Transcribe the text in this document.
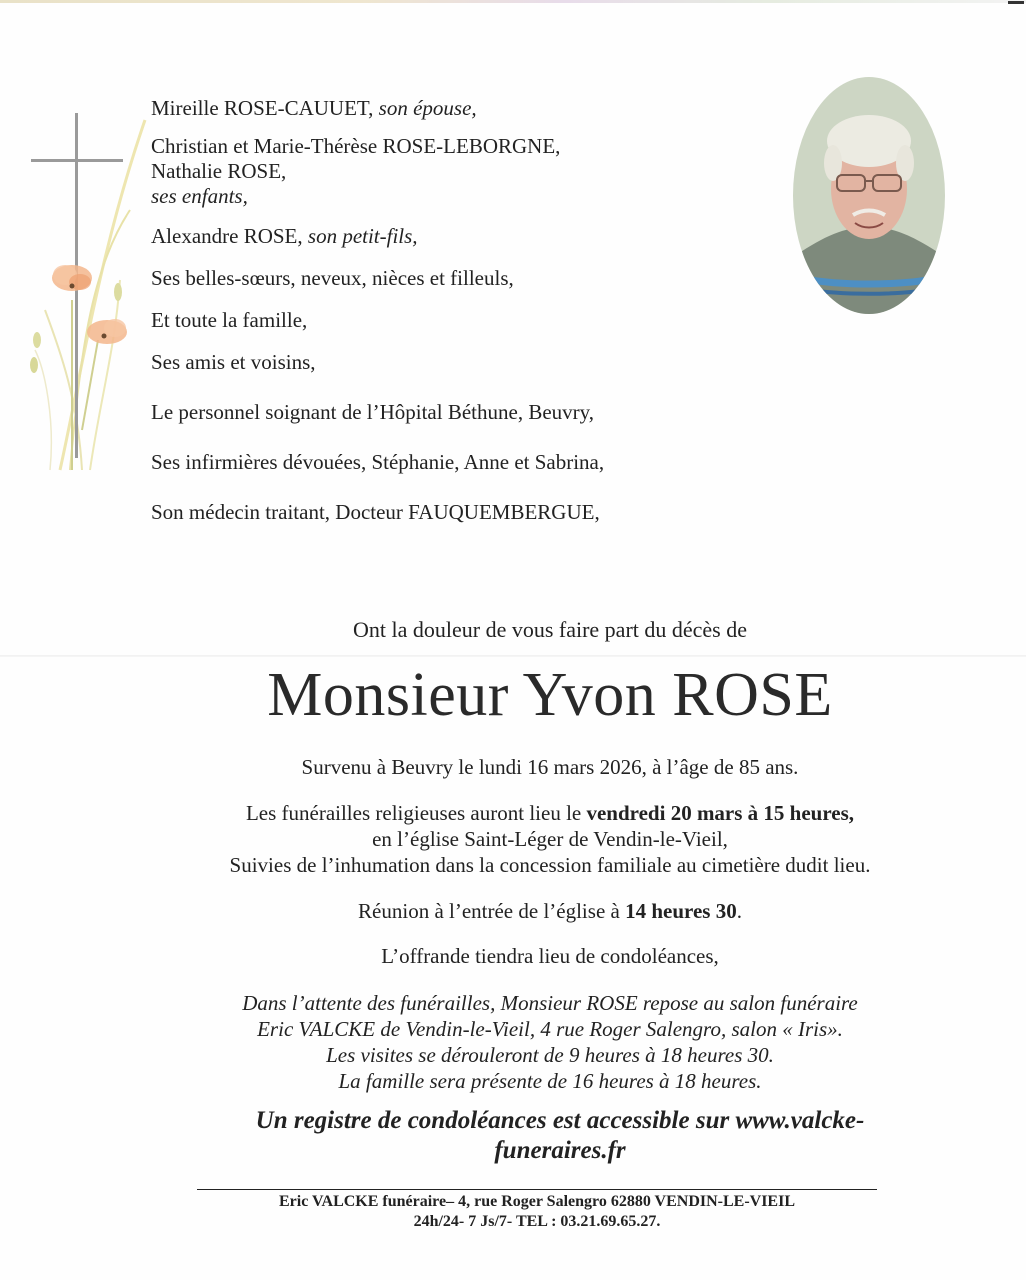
Mireille ROSE-CAUUET, son épouse,

Christian et Marie-Thérèse ROSE-LEBORGNE,

Nathalie ROSE,

ses enfants,

Alexandre ROSE, son petit-fils,

Ses belles-sœurs, neveux, nièces et filleuls,

Et toute la famille,

Ses amis et voisins,

Le personnel soignant de l’Hôpital Béthune, Beuvry,

Ses infirmières dévouées, Stéphanie, Anne et Sabrina,

Son médecin traitant, Docteur FAUQUEMBERGUE,

Ont la douleur de vous faire part du décès de
Monsieur Yvon ROSE
Survenu à Beuvry le lundi 16 mars 2026, à l’âge de 85 ans.
Les funérailles religieuses auront lieu le vendredi 20 mars à 15 heures,
en l’église Saint-Léger de Vendin-le-Vieil,
Suivies de l’inhumation dans la concession familiale au cimetière dudit lieu.
Réunion à l’entrée de l’église à 14 heures 30.
L’offrande tiendra lieu de condoléances,
Dans l’attente des funérailles, Monsieur ROSE repose au salon funéraire
Eric VALCKE de Vendin-le-Vieil, 4 rue Roger Salengro, salon « Iris».
Les visites se dérouleront de 9 heures à 18 heures 30.
La famille sera présente de 16 heures à 18 heures.
Un registre de condoléances est accessible sur www.valcke-
funeraires.fr
Eric VALCKE funéraire– 4, rue Roger Salengro 62880 VENDIN-LE-VIEIL
24h/24- 7 Js/7- TEL : 03.21.69.65.27.
